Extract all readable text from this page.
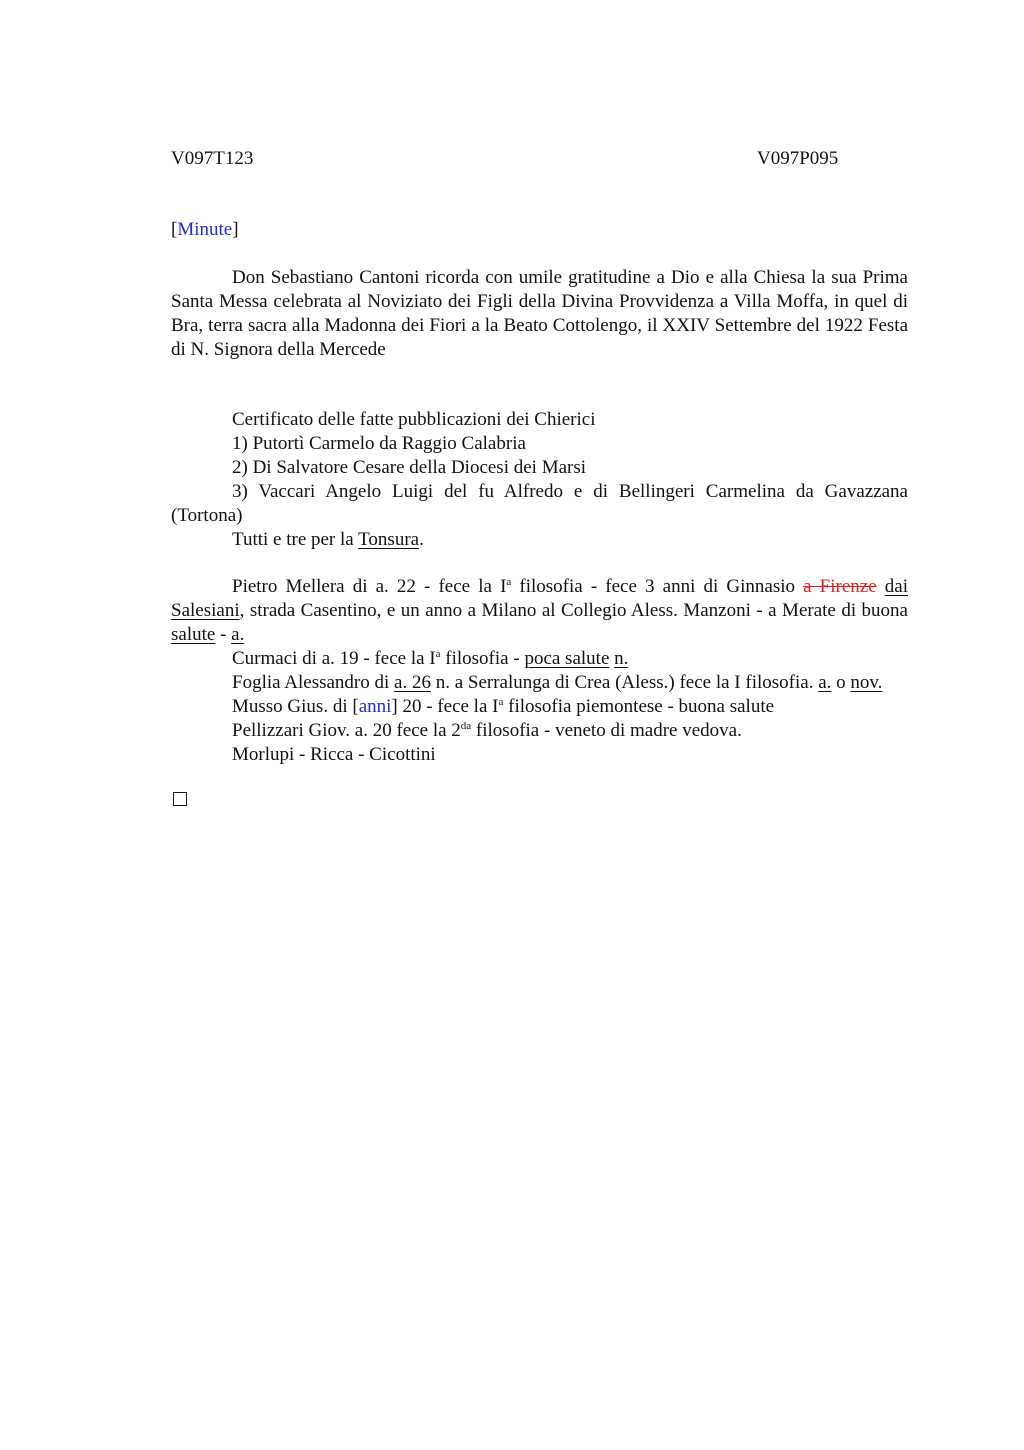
V097T123	V097P095
[Minute]

Don Sebastiano Cantoni ricorda con umile gratitudine a Dio e alla Chiesa la sua Prima Santa Messa celebrata al Noviziato dei Figli della Divina Provvidenza a Villa Moffa, in quel di Bra, terra sacra alla Madonna dei Fiori a la Beato Cottolengo, il XXIV Settembre del 1922 Festa di N. Signora della Mercede

Certificato delle fatte pubblicazioni dei Chierici

1) Putortì Carmelo da Raggio Calabria

2) Di Salvatore Cesare della Diocesi dei Marsi

3) Vaccari Angelo Luigi del fu Alfredo e di Bellingeri Carmelina da Gavazzana (Tortona)

Tutti e tre per la Tonsura.

Pietro Mellera di a. 22 - fece la $I^a$ filosofia - fece 3 anni di Ginnasio a Firenze dai Salesiani, strada Casentino, e un anno a Milano al Collegio Aless. Manzoni - a Merate di buona salute - a.

Curmaci di a. 19 - fece la $I^a$ filosofia - poca salute n.

Foglia Alessandro di a. 26 n. a Serralunga di Crea (Aless.) fece la I filosofia. a. o nov.

Musso Gius. di [anni] 20 - fece la $I^a$ filosofia piemontese - buona salute

Pellizzari Giov. a. 20 fece la $2^{da}$ filosofia - veneto di madre vedova.

Morlupi - Ricca - Cicottini
